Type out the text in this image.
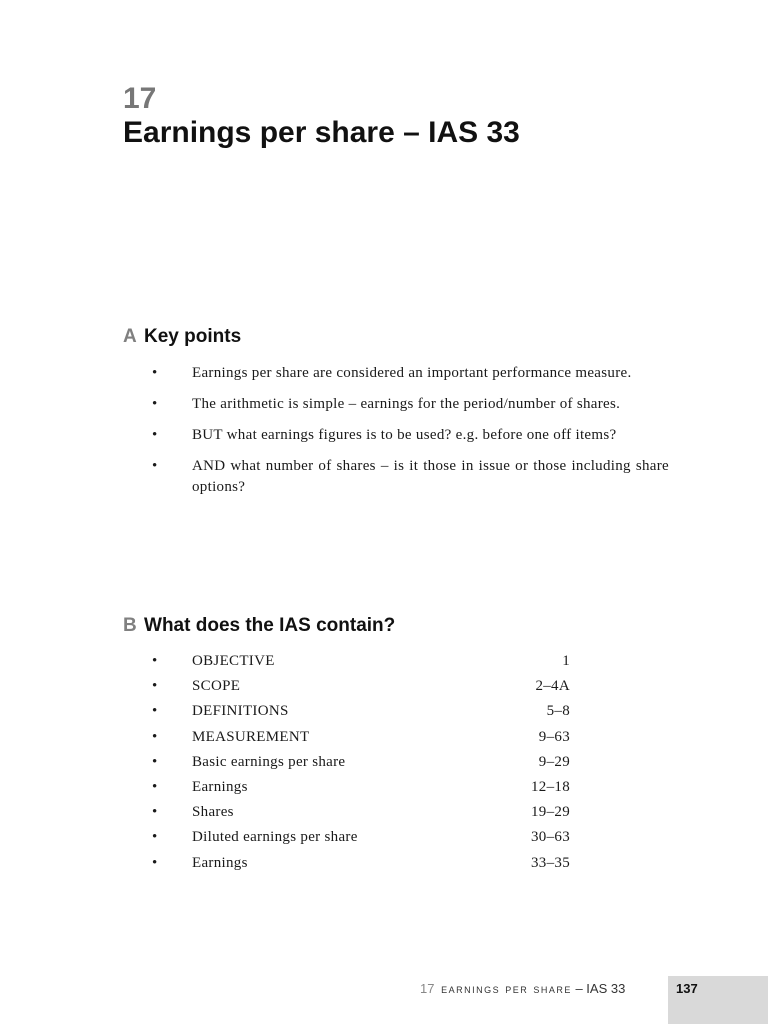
17
Earnings per share – IAS 33
A Key points
• Earnings per share are considered an important performance measure.
• The arithmetic is simple – earnings for the period/number of shares.
• BUT what earnings figures is to be used? e.g. before one off items?
• AND what number of shares – is it those in issue or those including share options?
B What does the IAS contain?
• OBJECTIVE	1
• SCOPE	2–4A
• DEFINITIONS	5–8
• MEASUREMENT	9–63
• Basic earnings per share	9–29
• Earnings	12–18
• Shares	19–29
• Diluted earnings per share	30–63
• Earnings	33–35
17 earnings per share – IAS 33	137
